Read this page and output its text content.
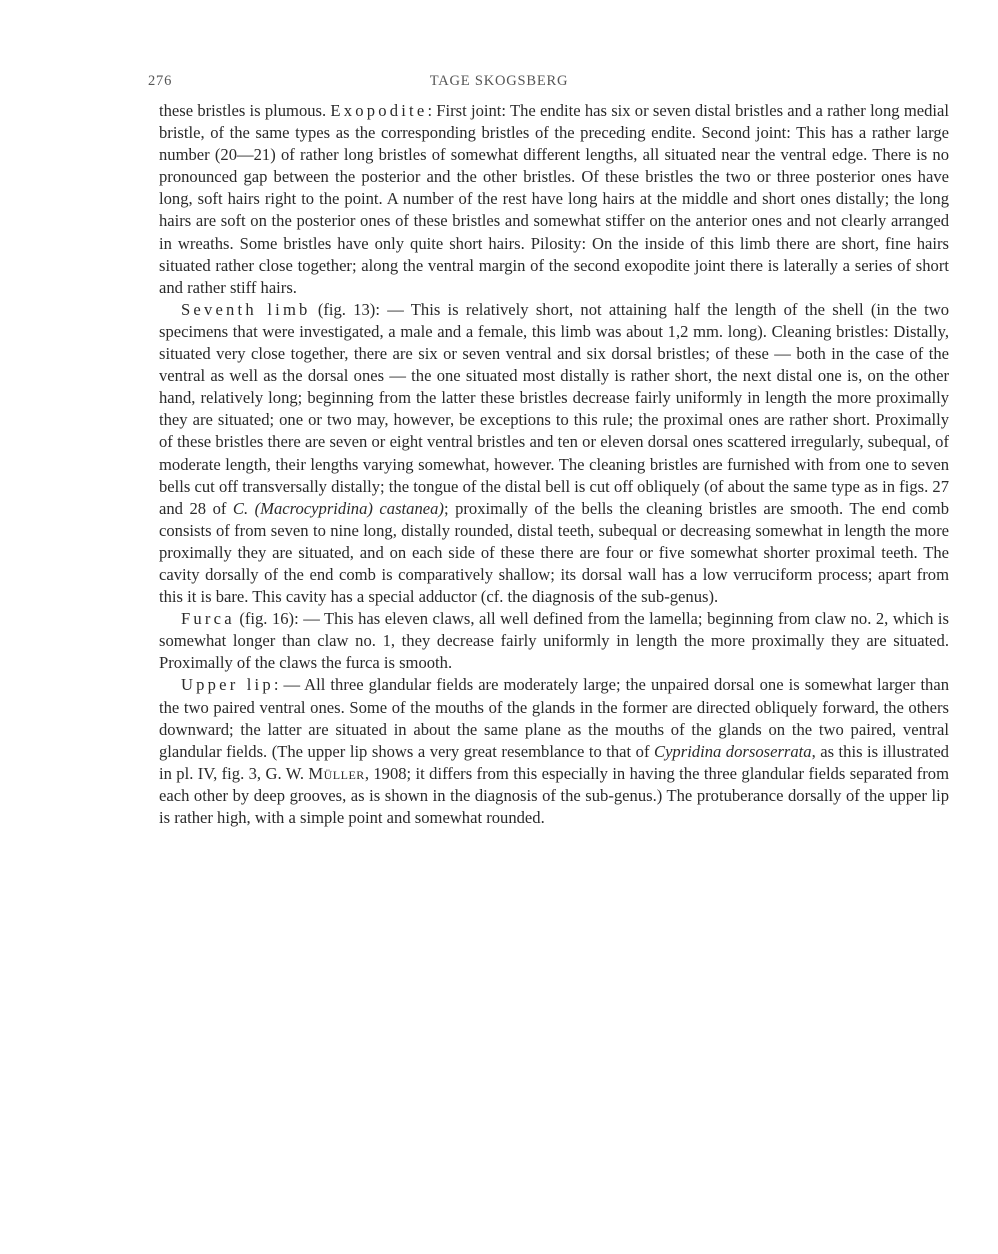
276	TAGE SKOGSBERG

these bristles is plumous. Exopodite: First joint: The endite has six or seven distal bristles and a rather long medial bristle, of the same types as the corresponding bristles of the preceding endite. Second joint: This has a rather large number (20—21) of rather long bristles of somewhat different lengths, all situated near the ventral edge. There is no pronounced gap between the posterior and the other bristles. Of these bristles the two or three posterior ones have long, soft hairs right to the point. A number of the rest have long hairs at the middle and short ones distally; the long hairs are soft on the posterior ones of these bristles and somewhat stiffer on the anterior ones and not clearly arranged in wreaths. Some bristles have only quite short hairs. Pilosity: On the inside of this limb there are short, fine hairs situated rather close together; along the ventral margin of the second exopodite joint there is laterally a series of short and rather stiff hairs.

Seventh limb (fig. 13): — This is relatively short, not attaining half the length of the shell (in the two specimens that were investigated, a male and a female, this limb was about 1,2 mm. long). Cleaning bristles: Distally, situated very close together, there are six or seven ventral and six dorsal bristles; of these — both in the case of the ventral as well as the dorsal ones — the one situated most distally is rather short, the next distal one is, on the other hand, relatively long; beginning from the latter these bristles decrease fairly uniformly in length the more proximally they are situated; one or two may, however, be exceptions to this rule; the proximal ones are rather short. Proximally of these bristles there are seven or eight ventral bristles and ten or eleven dorsal ones scattered irregularly, subequal, of moderate length, their lengths varying somewhat, however. The cleaning bristles are furnished with from one to seven bells cut off transversally distally; the tongue of the distal bell is cut off obliquely (of about the same type as in figs. 27 and 28 of C. (Macrocypridina) castanea); proximally of the bells the cleaning bristles are smooth. The end comb consists of from seven to nine long, distally rounded, distal teeth, subequal or decreasing somewhat in length the more proximally they are situated, and on each side of these there are four or five somewhat shorter proximal teeth. The cavity dorsally of the end comb is comparatively shallow; its dorsal wall has a low verruciform process; apart from this it is bare. This cavity has a special adductor (cf. the diagnosis of the sub-genus).

Furca (fig. 16): — This has eleven claws, all well defined from the lamella; beginning from claw no. 2, which is somewhat longer than claw no. 1, they decrease fairly uniformly in length the more proximally they are situated. Proximally of the claws the furca is smooth.

Upper lip: — All three glandular fields are moderately large; the unpaired dorsal one is somewhat larger than the two paired ventral ones. Some of the mouths of the glands in the former are directed obliquely forward, the others downward; the latter are situated in about the same plane as the mouths of the glands on the two paired, ventral glandular fields. (The upper lip shows a very great resemblance to that of Cypridina dorsoserrata, as this is illustrated in pl. IV, fig. 3, G. W. Müller, 1908; it differs from this especially in having the three glandular fields separated from each other by deep grooves, as is shown in the diagnosis of the sub-genus.) The protuberance dorsally of the upper lip is rather high, with a simple point and somewhat rounded.
